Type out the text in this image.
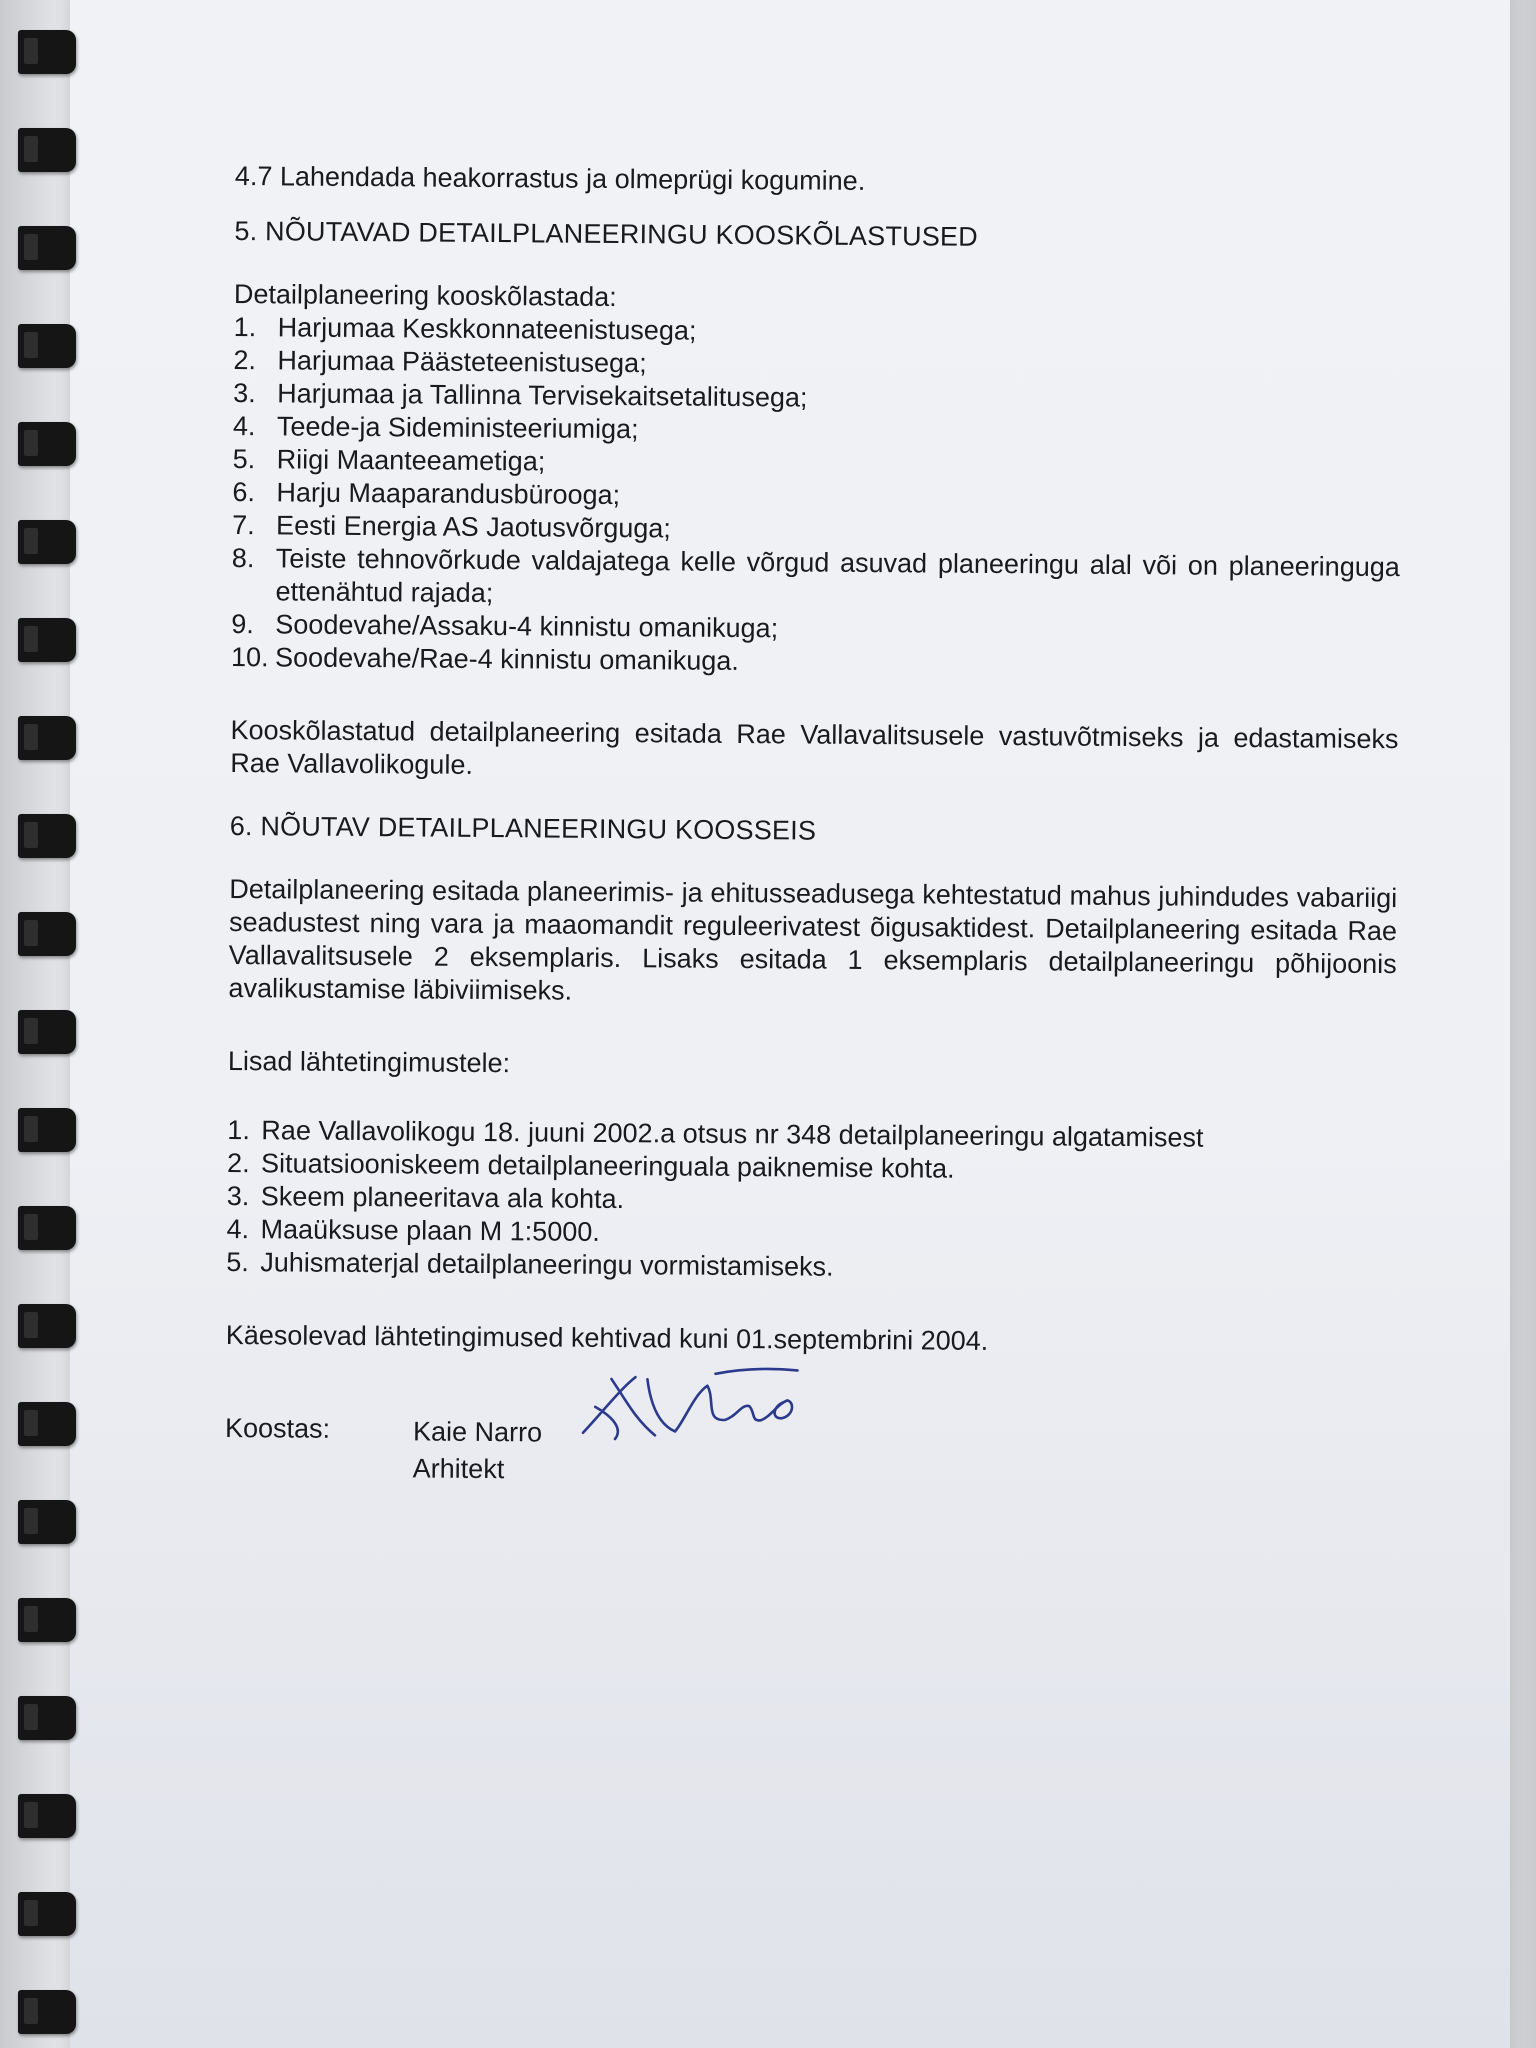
4.7 Lahendada heakorrastus ja olmeprügi kogumine.

5. NÕUTAVAD DETAILPLANEERINGU KOOSKÕLASTUSED

Detailplaneering kooskõlastada:

1. Harjumaa Keskkonnateenistusega;
2. Harjumaa Päästeteenistusega;
3. Harjumaa ja Tallinna Tervisekaitsetalitusega;
4. Teede-ja Sideministeeriumiga;
5. Riigi Maanteeametiga;
6. Harju Maaparandusbürooga;
7. Eesti Energia AS Jaotusvõrguga;
8. Teiste tehnovõrkude valdajatega kelle võrgud asuvad planeeringu alal või on planeeringuga ettenähtud rajada;
9. Soodevahe/Assaku-4 kinnistu omanikuga;
10. Soodevahe/Rae-4 kinnistu omanikuga.

Kooskõlastatud detailplaneering esitada Rae Vallavalitsusele vastuvõtmiseks ja edastamiseks Rae Vallavolikogule.

6. NÕUTAV DETAILPLANEERINGU KOOSSEIS

Detailplaneering esitada planeerimis- ja ehitusseadusega kehtestatud mahus juhindudes vabariigi seadustest ning vara ja maaomandit reguleerivatest õigusaktidest. Detailplaneering esitada Rae Vallavalitsusele 2 eksemplaris. Lisaks esitada 1 eksemplaris detailplaneeringu põhijoonis avalikustamise läbiviimiseks.

Lisad lähtetingimustele:

1. Rae Vallavolikogu 18. juuni 2002.a otsus nr 348 detailplaneeringu algatamisest
2. Situatsiooniskeem detailplaneeringuala paiknemise kohta.
3. Skeem planeeritava ala kohta.
4. Maaüksuse plaan M 1:5000.
5. Juhismaterjal detailplaneeringu vormistamiseks.

Käesolevad lähtetingimused kehtivad kuni 01.septembrini 2004.

Koostas:	Kaie Narro
Arhitekt
